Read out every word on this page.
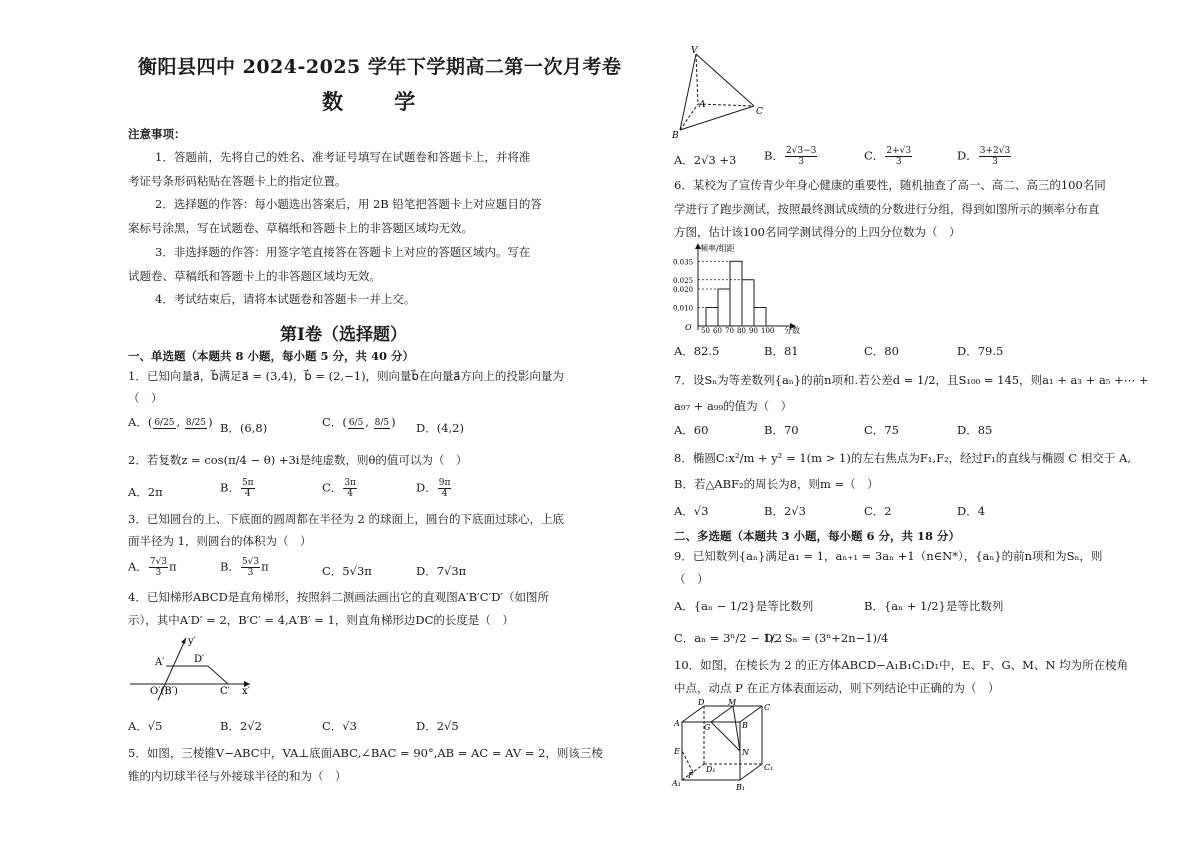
衡阳县四中 2024-2025 学年下学期高二第一次月考卷
数 学
注意事项：
1．答题前，先将自己的姓名、准考证号填写在试题卷和答题卡上，并将准
考证号条形码粘贴在答题卡上的指定位置。
2．选择题的作答：每小题选出答案后，用 2B 铅笔把答题卡上对应题目的答
案标号涂黑，写在试题卷、草稿纸和答题卡上的非答题区域均无效。
3．非选择题的作答：用签字笔直接答在答题卡上对应的答题区域内。写在
试题卷、草稿纸和答题卡上的非答题区域均无效。
4．考试结束后，请将本试题卷和答题卡一并上交。
第Ⅰ卷（选择题）
一、单选题（本题共 8 小题，每小题 5 分，共 40 分）
1．已知向量a⃗，b⃗满足a⃗ = (3,4)，b⃗ = (2,−1)，则向量b⃗在向量a⃗方向上的投影向量为
（　）
A．( 6/25 , 8/25 ) B．(6,8)	C．( 6/5 , 8/5 ) D．(4,2)
2．若复数z = cos(π/4 − θ) +3i是纯虚数，则θ的值可以为（　）
A．2π	B． $\frac{5\pi}{4}$	C． $\frac{3\pi}{4}$	D． $\frac{9\pi}{4}$
3．已知圆台的上、下底面的圆周都在半径为 2 的球面上，圆台的下底面过球心，上底
面半径为 1，则圆台的体积为（　）
A． $\frac{7√3}{3}$ π	B． $\frac{5√3}{3}$ π	C．5√3π	D．7√3π
4．已知梯形ABCD是直角梯形，按照斜二测画法画出它的直观图A′B′C′D′（如图所
示），其中A′D′ = 2，B′C′ = 4,A′B′ = 1，则直角梯形边DC的长度是（　）
y′
x′
A′	D′
O′(B′)	C′
A．√5	B．2√2	C．√3	D．2√5
5．如图，三棱锥V−ABC中，VA⊥底面ABC,∠BAC = 90°,AB = AC = AV = 2，则该三棱
锥的内切球半径与外接球半径的和为（　）
V
A
B
C
A．2√3 +3 B． $\frac{2√3-3}{3}$	C． $\frac{2+√3}{3}$	D． $\frac{3+2√3}{3}$
6．某校为了宣传青少年身心健康的重要性，随机抽查了高一、高二、高三的100名同
学进行了跑步测试，按照最终测试成绩的分数进行分组，得到如图所示的频率分布直
方图，估计该100名同学测试得分的上四分位数为（　）
频率/组距
分数
O
0.035
0.025
0.020
0.010
50 60 70 80 90 100
A．82.5	B．81	C．80	D．79.5
7．设Sₙ为等差数列{aₙ}的前n项和.若公差d = 1/2，且S₁₀₀ = 145，则a₁ + a₃ + a₅ +⋯ +
a₉₇ + a₉₉的值为（　）
A．60	B．70	C．75	D．85
8．椭圆C:x²/m + y² = 1(m > 1)的左右焦点为F₁,F₂，经过F₁的直线与椭圆 C 相交于 A,
B．若△ABF₂的周长为8，则m =（　）
A．√3	B．2√3	C．2	D．4
二、多选题（本题共 3 小题，每小题 6 分，共 18 分）
9．已知数列{aₙ}满足a₁ = 1，aₙ₊₁ = 3aₙ +1（n∈N*），{aₙ}的前n项和为Sₙ，则
（　）
A．{aₙ − 1/2}是等比数列	B．{aₙ + 1/2}是等比数列
C．aₙ = 3ⁿ/2 − 1/2
D．Sₙ = (3ⁿ+2n−1)/4
10．如图，在棱长为 2 的正方体ABCD−A₁B₁C₁D₁中，E、F、G、M、N 均为所在棱角
中点，动点 P 在正方体表面运动，则下列结论中正确的为（　）
D	M
C
A	G	B
E	N
F
D₁	C₁
A₁	B₁
